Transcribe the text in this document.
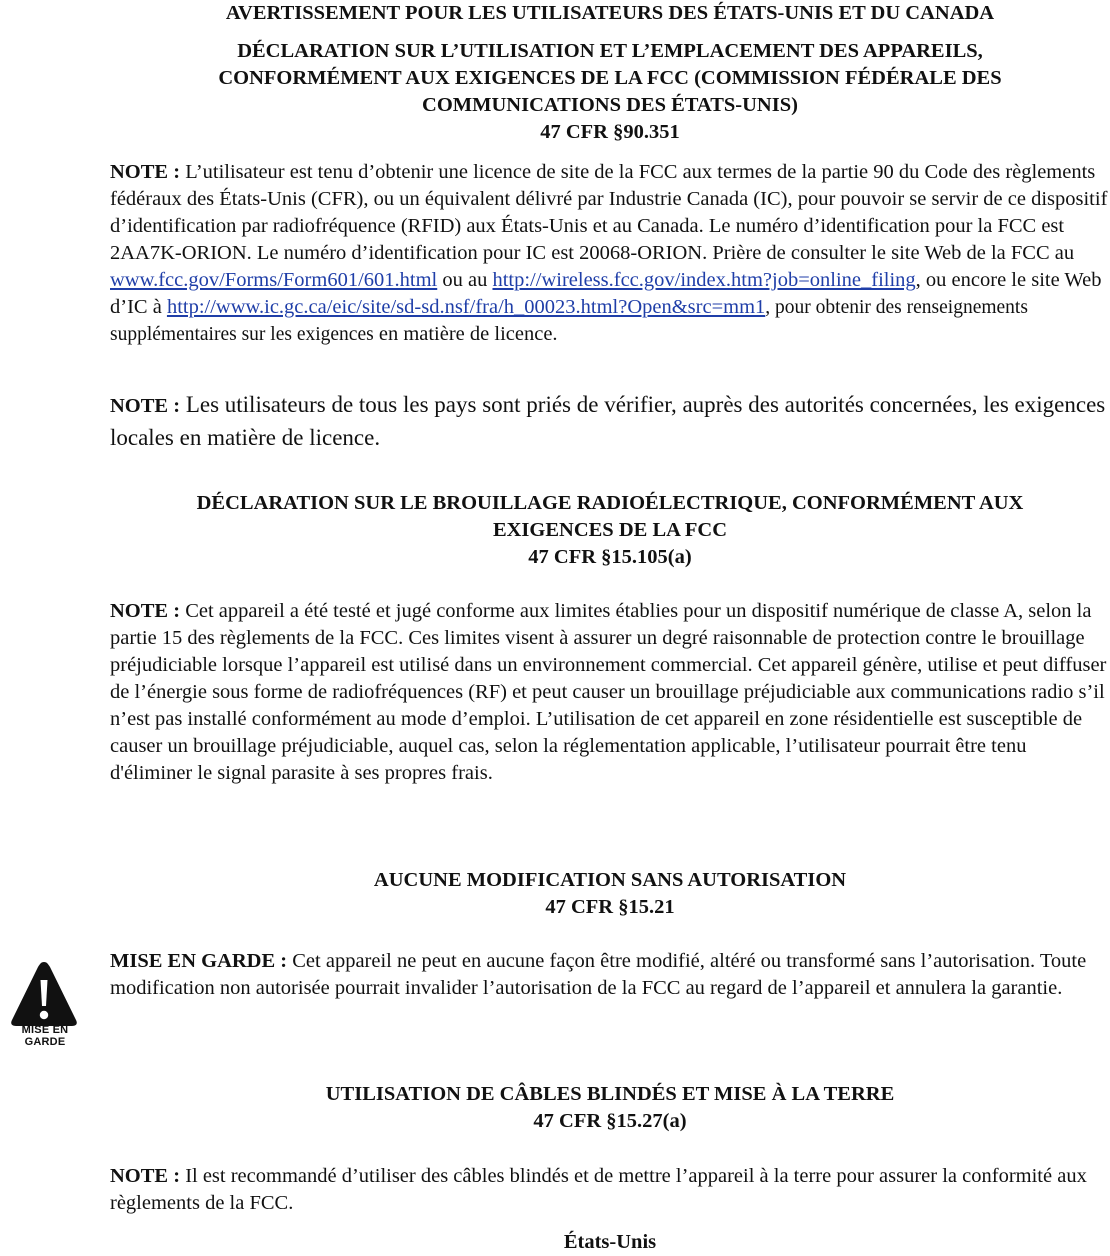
AVERTISSEMENT POUR LES UTILISATEURS DES ÉTATS-UNIS ET DU CANADA
DÉCLARATION SUR L’UTILISATION ET L’EMPLACEMENT DES APPAREILS,
CONFORMÉMENT AUX EXIGENCES DE LA FCC (COMMISSION FÉDÉRALE DES
COMMUNICATIONS DES ÉTATS-UNIS)
47 CFR §90.351
NOTE : L’utilisateur est tenu d’obtenir une licence de site de la FCC aux termes de la partie 90 du Code des règlements fédéraux des États-Unis (CFR), ou un équivalent délivré par Industrie Canada (IC), pour pouvoir se servir de ce dispositif d’identification par radiofréquence (RFID) aux États-Unis et au Canada. Le numéro d’identification pour la FCC est 2AA7K-ORION. Le numéro d’identification pour IC est 20068-ORION. Prière de consulter le site Web de la FCC au www.fcc.gov/Forms/Form601/601.html ou au http://wireless.fcc.gov/index.htm?job=online_filing, ou encore le site Web d’IC à http://www.ic.gc.ca/eic/site/sd-sd.nsf/fra/h_00023.html?Open&src=mm1, pour obtenir des renseignements supplémentaires sur les exigences en matière de licence.
NOTE : Les utilisateurs de tous les pays sont priés de vérifier, auprès des autorités concernées, les exigences locales en matière de licence.
DÉCLARATION SUR LE BROUILLAGE RADIOÉLECTRIQUE, CONFORMÉMENT AUX
EXIGENCES DE LA FCC
47 CFR §15.105(a)
NOTE : Cet appareil a été testé et jugé conforme aux limites établies pour un dispositif numérique de classe A, selon la partie 15 des règlements de la FCC. Ces limites visent à assurer un degré raisonnable de protection contre le brouillage préjudiciable lorsque l’appareil est utilisé dans un environnement commercial. Cet appareil génère, utilise et peut diffuser de l’énergie sous forme de radiofréquences (RF) et peut causer un brouillage préjudiciable aux communications radio s’il n’est pas installé conformément au mode d’emploi. L’utilisation de cet appareil en zone résidentielle est susceptible de causer un brouillage préjudiciable, auquel cas, selon la réglementation applicable, l’utilisateur pourrait être tenu d'éliminer le signal parasite à ses propres frais.
AUCUNE MODIFICATION SANS AUTORISATION
47 CFR §15.21
MISE EN GARDE
MISE EN GARDE : Cet appareil ne peut en aucune façon être modifié, altéré ou transformé sans l’autorisation. Toute modification non autorisée pourrait invalider l’autorisation de la FCC au regard de l’appareil et annulera la garantie.
UTILISATION DE CÂBLES BLINDÉS ET MISE À LA TERRE
47 CFR §15.27(a)
NOTE : Il est recommandé d’utiliser des câbles blindés et de mettre l’appareil à la terre pour assurer la conformité aux règlements de la FCC.
États-Unis
